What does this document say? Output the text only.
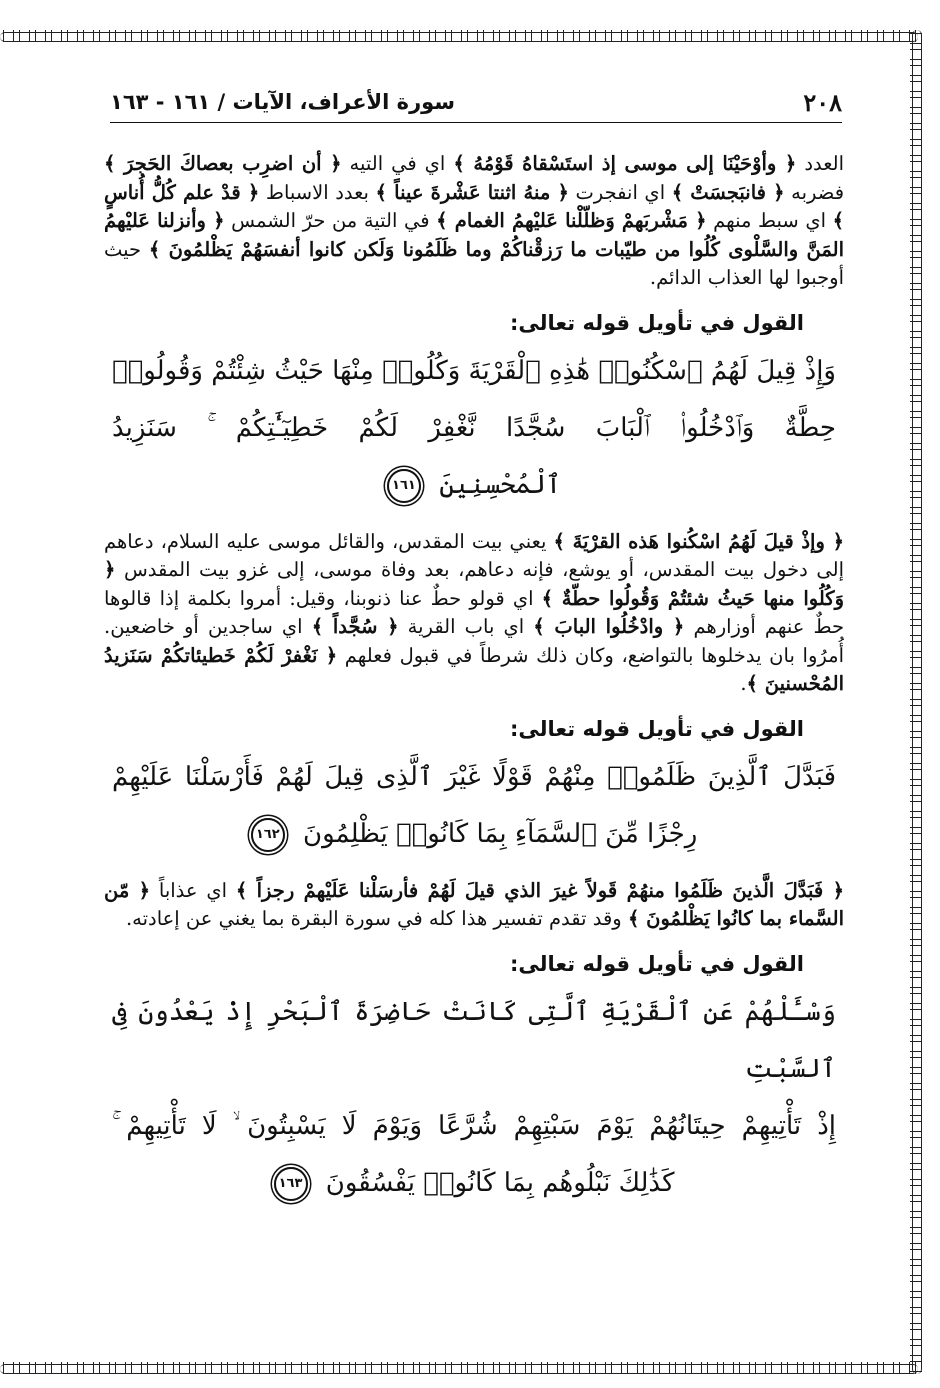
٢٠٨
سورة الأعراف، الآيات / ١٦١ - ١٦٣

العدد ﴿ وأوْحَيْنَا إلى موسى إذ استَسْقاهُ قَوْمُهُ ﴾ اي في التيه ﴿ أن اضرِب بعصاكَ الحَجرَ ﴾ فضربه ﴿ فانبَجسَتْ ﴾ اي انفجرت ﴿ منهُ اثنتا عَشْرةَ عيناً ﴾ بعدد الاسباط ﴿ قدْ علم كُلُّ أُناسٍ ﴾ اي سبط منهم ﴿ مَشْربَهمْ وَظلّلْنا عَليْهمُ الغمام ﴾ في التية من حرّ الشمس ﴿ وأنزلنا عَليْهمُ المَنَّ والسَّلْوى كُلُوا من طيّبات ما رَزقْناكُمْ وما ظَلَمُونا وَلَكن كانوا أنفسَهُمْ يَظْلمُونَ ﴾ حيث أوجبوا لها العذاب الدائم.

القول في تأويل قوله تعالى:
وَإِذْ قِيلَ لَهُمُ ٱسْكُنُوا۟ هَٰذِهِ ٱلْقَرْيَةَ وَكُلُوا۟ مِنْهَا حَيْثُ شِئْتُمْ وَقُولُوا۟
حِطَّةٌ وَٱدْخُلُوا۟ ٱلْبَابَ سُجَّدًا نَّغْفِرْ لَكُمْ خَطِيٓـَٰٔتِكُمْ ۚ سَنَزِيدُ
ٱلْمُحْسِنِينَ ١٦١

﴿ وإذْ قيلَ لَهُمُ اسْكُنوا هَذه القرْيَةَ ﴾ يعني بيت المقدس، والقائل موسى عليه السلام، دعاهم إلى دخول بيت المقدس، أو يوشع، فإنه دعاهم، بعد وفاة موسى، إلى غزو بيت المقدس ﴿ وَكُلُوا منها حَيثُ شئتُمْ وَقُولُوا حطّةٌ ﴾ اي قولو حطٌ عنا ذنوبنا، وقيل: أمروا بكلمة إذا قالوها حطٌ عنهم أوزارهم ﴿ وادْخُلُوا البابَ ﴾ اي باب القرية ﴿ سُجَّداً ﴾ اي ساجدين أو خاضعين. أُمرُوا بان يدخلوها بالتواضع، وكان ذلك شرطاً في قبول فعلهم ﴿ نَغْفرْ لَكُمْ خَطيئاتكُمْ سَنَزيدُ المُحْسنينَ ﴾.

القول في تأويل قوله تعالى:
فَبَدَّلَ ٱلَّذِينَ ظَلَمُوا۟ مِنْهُمْ قَوْلًا غَيْرَ ٱلَّذِى قِيلَ لَهُمْ فَأَرْسَلْنَا عَلَيْهِمْ
رِجْزًا مِّنَ ٱلسَّمَآءِ بِمَا كَانُوا۟ يَظْلِمُونَ ١٦٢

﴿ فَبَدَّلَ الَّذينَ ظَلَمُوا منهُمْ قَولاً غيرَ الذي قيلَ لَهُمْ فأرسَلْنا عَلَيْهمْ رجزاً ﴾ اي عذاباً ﴿ مّن السَّماء بما كانُوا يَظْلمُونَ ﴾ وقد تقدم تفسير هذا كله في سورة البقرة بما يغني عن إعادته.

القول في تأويل قوله تعالى:
وَسْـَٔلْهُمْ عَنِ ٱلْقَرْيَةِ ٱلَّتِى كَانَتْ حَاضِرَةَ ٱلْبَحْرِ إِذْ يَعْدُونَ فِى ٱلسَّبْتِ
إِذْ تَأْتِيهِمْ حِيتَانُهُمْ يَوْمَ سَبْتِهِمْ شُرَّعًا وَيَوْمَ لَا يَسْبِتُونَ ۙ لَا تَأْتِيهِمْ ۚ
كَذَٰلِكَ نَبْلُوهُم بِمَا كَانُوا۟ يَفْسُقُونَ ١٦٣
